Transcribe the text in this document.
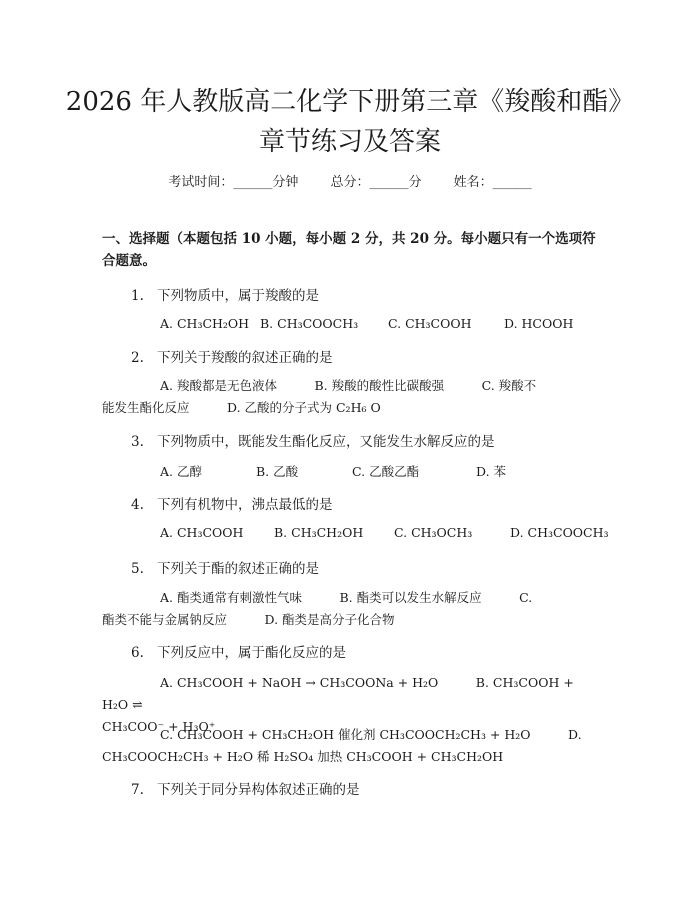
2026 年人教版高二化学下册第三章《羧酸和酯》章节练习及答案
考试时间：______分钟 总分：______分 姓名：______
一、选择题（本题包括 10 小题，每小题 2 分，共 20 分。每小题只有一个选项符合题意。
1. 下列物质中，属于羧酸的是
A. CH₃CH₂OH B. CH₃COOCH₃ C. CH₃COOH	D. HCOOH
2. 下列关于羧酸的叙述正确的是
A. 羧酸都是无色液体　　　B. 羧酸的酸性比碳酸强　　　C. 羧酸不
能发生酯化反应　　　D. 乙酸的分子式为 C₂H₆ O
3. 下列物质中，既能发生酯化反应，又能发生水解反应的是
A. 乙醇	B. 乙酸	C. 乙酸乙酯	D. 苯
4. 下列有机物中，沸点最低的是
A. CH₃COOH B. CH₃CH₂OH C. CH₃OCH₃	D. CH₃COOCH₃
5. 下列关于酯的叙述正确的是
A. 酯类通常有刺激性气味　　　B. 酯类可以发生水解反应　　　C.
酯类不能与金属钠反应　　　D. 酯类是高分子化合物
6. 下列反应中，属于酯化反应的是
A. CH₃COOH + NaOH → CH₃COONa + H₂O　　　B. CH₃COOH + H₂O ⇌
CH₃COO⁻ + H₃O⁺
C. CH₃COOH + CH₃CH₂OH 催化剂 CH₃COOCH₂CH₃ + H₂O　　　D.
CH₃COOCH₂CH₃ + H₂O 稀 H₂SO₄ 加热 CH₃COOH + CH₃CH₂OH
7. 下列关于同分异构体叙述正确的是
